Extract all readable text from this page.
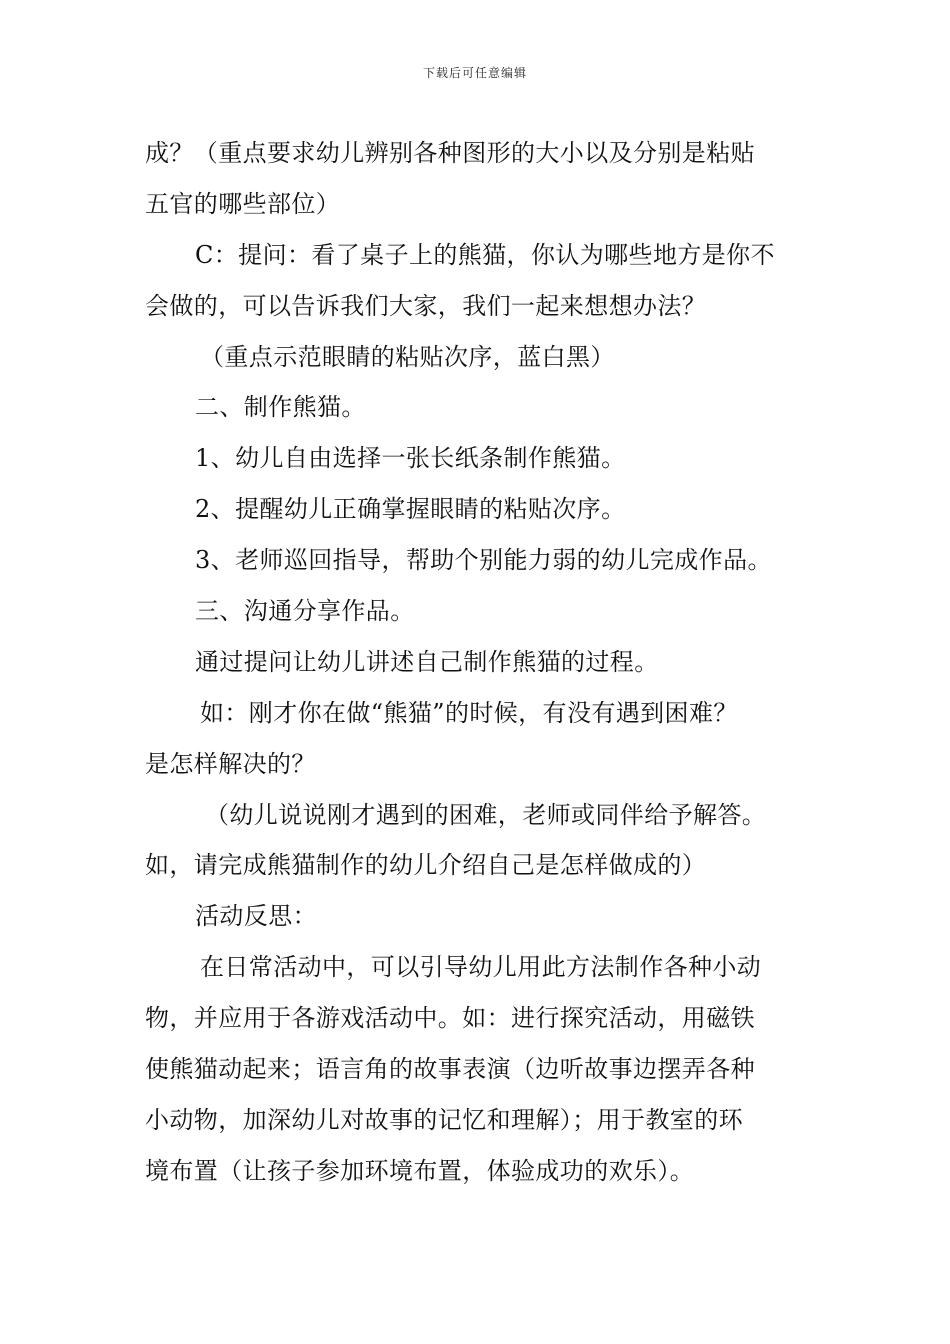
下载后可任意编辑
成？（重点要求幼儿辨别各种图形的大小以及分别是粘贴
五官的哪些部位）
C：提问：看了桌子上的熊猫，你认为哪些地方是你不
会做的，可以告诉我们大家，我们一起来想想办法？
（重点示范眼睛的粘贴次序，蓝白黑）
二、制作熊猫。
1、幼儿自由选择一张长纸条制作熊猫。
2、提醒幼儿正确掌握眼睛的粘贴次序。
3、老师巡回指导，帮助个别能力弱的幼儿完成作品。
三、沟通分享作品。
通过提问让幼儿讲述自己制作熊猫的过程。
如：刚才你在做“熊猫”的时候，有没有遇到困难？
是怎样解决的？
（幼儿说说刚才遇到的困难，老师或同伴给予解答。
如，请完成熊猫制作的幼儿介绍自己是怎样做成的）
活动反思：
在日常活动中，可以引导幼儿用此方法制作各种小动
物，并应用于各游戏活动中。如：进行探究活动，用磁铁
使熊猫动起来；语言角的故事表演（边听故事边摆弄各种
小动物，加深幼儿对故事的记忆和理解）；用于教室的环
境布置（让孩子参加环境布置，体验成功的欢乐）。
